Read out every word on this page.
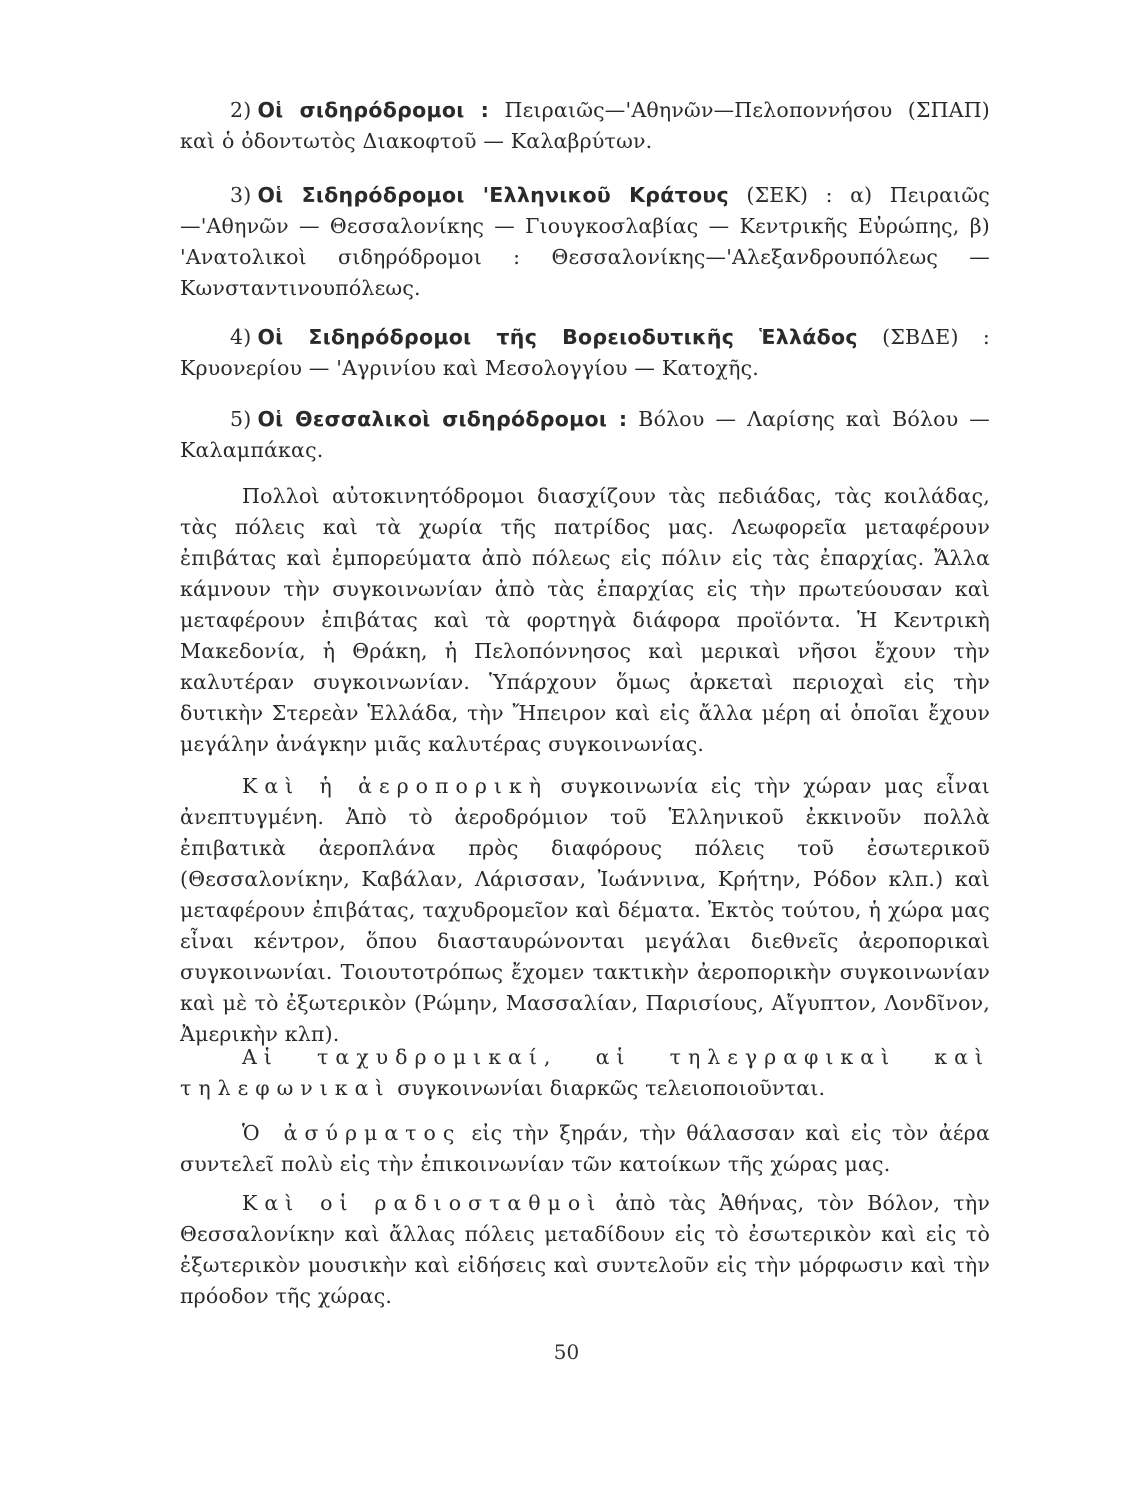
2) Οἱ σιδηρόδρομοι : Πειραιῶς—'Αθηνῶν—Πελοποννήσου (ΣΠΑΠ) καὶ ὁ ὀδοντωτὸς Διακοφτοῦ — Καλαβρύτων.

3) Οἱ Σιδηρόδρομοι 'Ελληνικοῦ Κράτους (ΣΕΚ) : α) Πειραιῶς—'Αθηνῶν — Θεσσαλονίκης — Γιουγκοσλαβίας — Κεντρικῆς Εὐρώπης, β) 'Ανατολικοὶ σιδηρόδρομοι : Θεσσαλονίκης—'Αλεξανδρουπόλεως — Κωνσταντινουπόλεως.

4) Οἱ Σιδηρόδρομοι τῆς Βορειοδυτικῆς Ἑλλάδος (ΣΒΔΕ) : Κρυονερίου — 'Αγρινίου καὶ Μεσολογγίου — Κατοχῆς.

5) Οἱ Θεσσαλικοὶ σιδηρόδρομοι : Βόλου — Λαρίσης καὶ Βόλου — Καλαμπάκας.

Πολλοὶ αὐτοκινητόδρομοι διασχίζουν τὰς πεδιάδας, τὰς κοιλάδας, τὰς πόλεις καὶ τὰ χωρία τῆς πατρίδος μας. Λεωφορεῖα μεταφέρουν ἐπιβάτας καὶ ἐμπορεύματα ἀπὸ πόλεως εἰς πόλιν εἰς τὰς ἐπαρχίας. Ἄλλα κάμνουν τὴν συγκοινωνίαν ἀπὸ τὰς ἐπαρχίας εἰς τὴν πρωτεύουσαν καὶ μεταφέρουν ἐπιβάτας καὶ τὰ φορτηγὰ διάφορα προϊόντα. Ἡ Κεντρικὴ Μακεδονία, ἡ Θράκη, ἡ Πελοπόννησος καὶ μερικαὶ νῆσοι ἔχουν τὴν καλυτέραν συγκοινωνίαν. Ὑπάρχουν ὅμως ἀρκεταὶ περιοχαὶ εἰς τὴν δυτικὴν Στερεὰν Ἑλλάδα, τὴν Ἤπειρον καὶ εἰς ἄλλα μέρη αἱ ὁποῖαι ἔχουν μεγάλην ἀνάγκην μιᾶς καλυτέρας συγκοινωνίας.

Καὶ ἡ ἀεροπορικὴ συγκοινωνία εἰς τὴν χώραν μας εἶναι ἀνεπτυγμένη. Ἀπὸ τὸ ἀεροδρόμιον τοῦ Ἑλληνικοῦ ἐκκινοῦν πολλὰ ἐπιβατικὰ ἀεροπλάνα πρὸς διαφόρους πόλεις τοῦ ἐσωτερικοῦ (Θεσσαλονίκην, Καβάλαν, Λάρισσαν, Ἰωάννινα, Κρήτην, Ρόδον κλπ.) καὶ μεταφέρουν ἐπιβάτας, ταχυδρομεῖον καὶ δέματα. Ἐκτὸς τούτου, ἡ χώρα μας εἶναι κέντρον, ὅπου διασταυρώνονται μεγάλαι διεθνεῖς ἀεροπορικαὶ συγκοινωνίαι. Τοιουτοτρόπως ἔχομεν τακτικὴν ἀεροπορικὴν συγκοινωνίαν καὶ μὲ τὸ ἐξωτερικὸν (Ρώμην, Μασσαλίαν, Παρισίους, Αἴγυπτον, Λονδῖνον, Ἀμερικὴν κλπ).

Αἱ ταχυδρομικαί, αἱ τηλεγραφικαὶ καὶ τηλεφωνικαὶ συγκοινωνίαι διαρκῶς τελειοποιοῦνται.

Ὁ ἀσύρματος εἰς τὴν ξηράν, τὴν θάλασσαν καὶ εἰς τὸν ἀέρα συντελεῖ πολὺ εἰς τὴν ἐπικοινωνίαν τῶν κατοίκων τῆς χώρας μας.

Καὶ οἱ ραδιοσταθμοὶ ἀπὸ τὰς Ἀθήνας, τὸν Βόλον, τὴν Θεσσαλονίκην καὶ ἄλλας πόλεις μεταδίδουν εἰς τὸ ἐσωτερικὸν καὶ εἰς τὸ ἐξωτερικὸν μουσικὴν καὶ εἰδήσεις καὶ συντελοῦν εἰς τὴν μόρφωσιν καὶ τὴν πρόοδον τῆς χώρας.

50
